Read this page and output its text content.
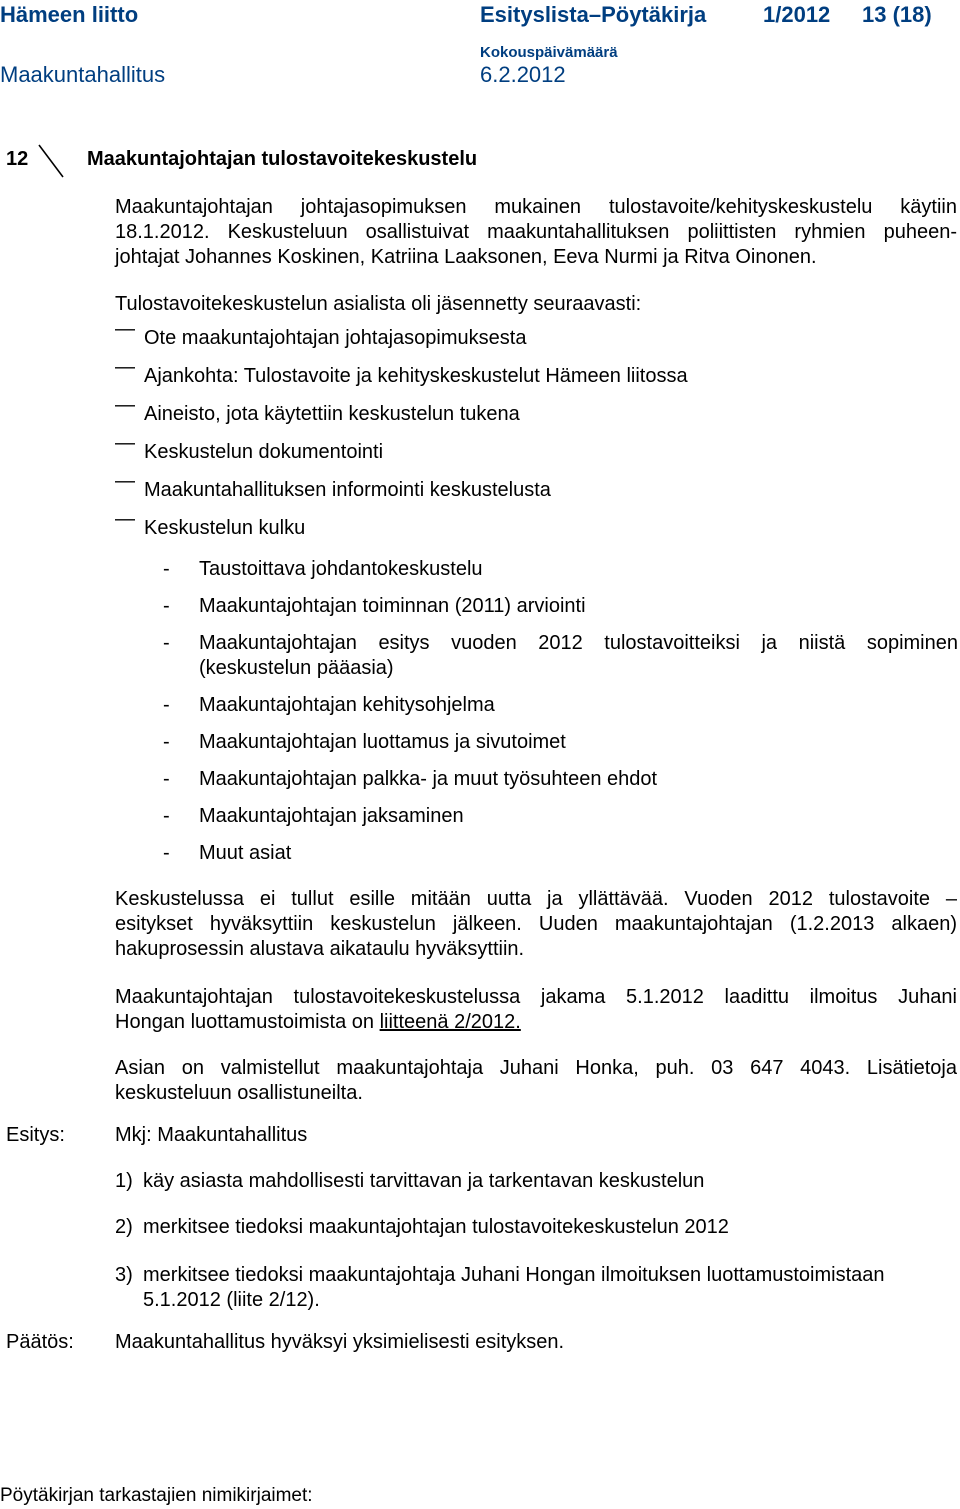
Hämeen liitto	Esityslista–Pöytäkirja	1/2012 13 (18)
Kokouspäivämäärä
Maakuntahallitus	6.2.2012
12	Maakuntajohtajan tulostavoitekeskustelu
Maakuntajohtajan johtajasopimuksen mukainen tulostavoite/kehityskeskustelu käytiin
18.1.2012. Keskusteluun osallistuivat maakuntahallituksen poliittisten ryhmien puheen-
johtajat Johannes Koskinen, Katriina Laaksonen, Eeva Nurmi ja Ritva Oinonen.
Tulostavoitekeskustelun asialista oli jäsennetty seuraavasti:
— Ote maakuntajohtajan johtajasopimuksesta
— Ajankohta: Tulostavoite ja kehityskeskustelut Hämeen liitossa
— Aineisto, jota käytettiin keskustelun tukena
— Keskustelun dokumentointi
— Maakuntahallituksen informointi keskustelusta
— Keskustelun kulku
- Taustoittava johdantokeskustelu
- Maakuntajohtajan toiminnan (2011) arviointi
- Maakuntajohtajan esitys vuoden 2012 tulostavoitteiksi ja niistä sopiminen (keskustelun pääasia)
- Maakuntajohtajan kehitysohjelma
- Maakuntajohtajan luottamus ja sivutoimet
- Maakuntajohtajan palkka- ja muut työsuhteen ehdot
- Maakuntajohtajan jaksaminen
- Muut asiat
Keskustelussa ei tullut esille mitään uutta ja yllättävää. Vuoden 2012 tulostavoite –
esitykset hyväksyttiin keskustelun jälkeen. Uuden maakuntajohtajan (1.2.2013 alkaen)
hakuprosessin alustava aikataulu hyväksyttiin.
Maakuntajohtajan tulostavoitekeskustelussa jakama 5.1.2012 laadittu ilmoitus Juhani
Hongan luottamustoimista on liitteenä 2/2012.
Asian on valmistellut maakuntajohtaja Juhani Honka, puh. 03 647 4043. Lisätietoja
keskusteluun osallistuneilta.
Esitys:	Mkj: Maakuntahallitus
1) käy asiasta mahdollisesti tarvittavan ja tarkentavan keskustelun
2) merkitsee tiedoksi maakuntajohtajan tulostavoitekeskustelun 2012
3) merkitsee tiedoksi maakuntajohtaja Juhani Hongan ilmoituksen luottamustoimistaan 5.1.2012 (liite 2/12).
Päätös: Maakuntahallitus hyväksyi yksimielisesti esityksen.
Pöytäkirjan tarkastajien nimikirjaimet:
